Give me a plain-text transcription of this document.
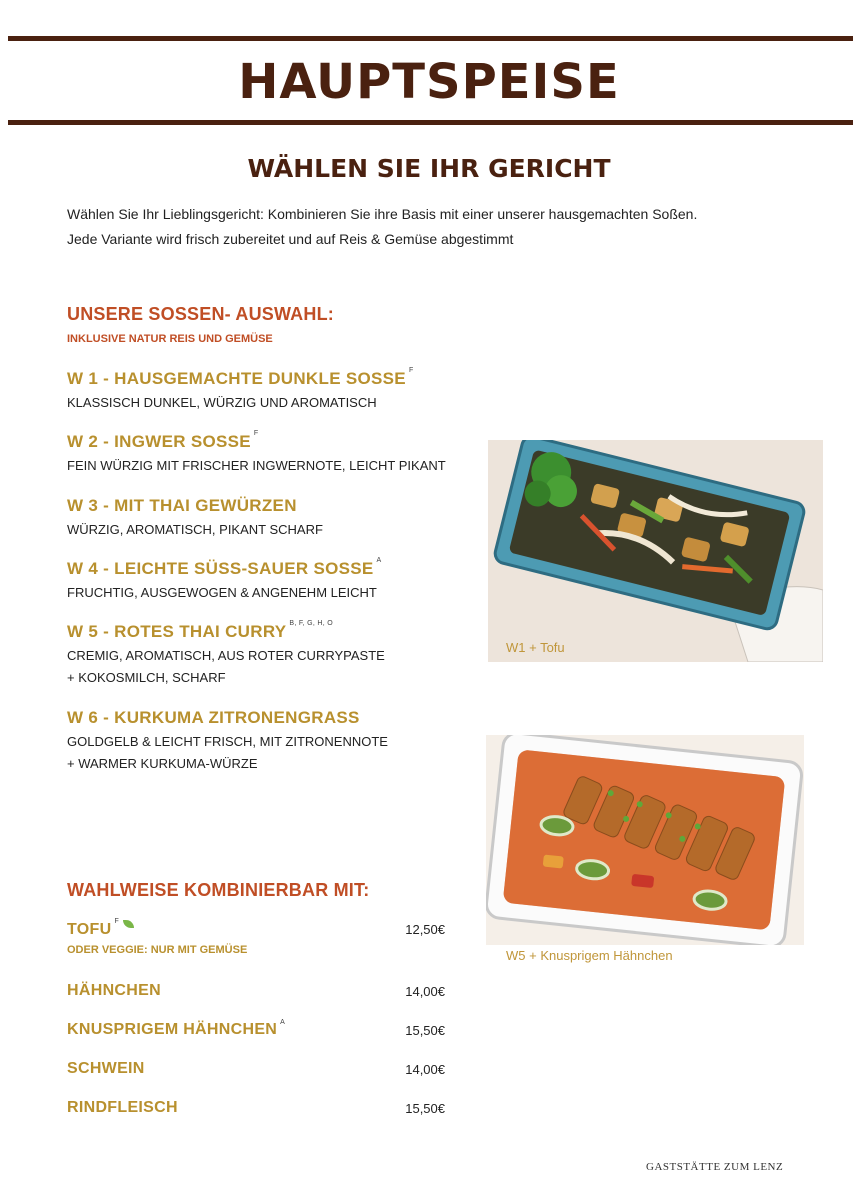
HAUPTSPEISE
WÄHLEN SIE IHR GERICHT
Wählen Sie Ihr Lieblingsgericht: Kombinieren Sie ihre Basis mit einer unserer hausgemachten Soßen.
Jede Variante wird frisch zubereitet und auf Reis & Gemüse abgestimmt
UNSERE SOSSEN- AUSWAHL:
INKLUSIVE NATUR REIS UND GEMÜSE
W 1 - HAUSGEMACHTE DUNKLE SOSSE $^F$
KLASSISCH DUNKEL, WÜRZIG UND AROMATISCH
W 2 - INGWER SOSSE $^F$
FEIN WÜRZIG MIT FRISCHER INGWERNOTE, LEICHT PIKANT
W 3 - MIT THAI GEWÜRZEN
WÜRZIG, AROMATISCH, PIKANT SCHARF
W 4 - LEICHTE SÜSS-SAUER SOSSE $^A$
FRUCHTIG, AUSGEWOGEN & ANGENEHM LEICHT
W 5 - ROTES THAI CURRY $^{B, F, G, H, O}$
CREMIG, AROMATISCH, AUS ROTER CURRYPASTE
+ KOKOSMILCH, SCHARF
W 6 - KURKUMA ZITRONENGRASS
GOLDGELB & LEICHT FRISCH, MIT ZITRONENNOTE
+ WARMER KURKUMA-WÜRZE
W1 + Tofu
W5 + Knusprigem Hähnchen
WAHLWEISE KOMBINIERBAR MIT:
TOFU $^F$
12,50€
ODER VEGGIE: NUR MIT GEMÜSE
HÄHNCHEN	14,00€
KNUSPRIGEM HÄHNCHEN $^A$
15,50€
SCHWEIN	14,00€
RINDFLEISCH	15,50€
GASTSTÄTTE ZUM LENZ
